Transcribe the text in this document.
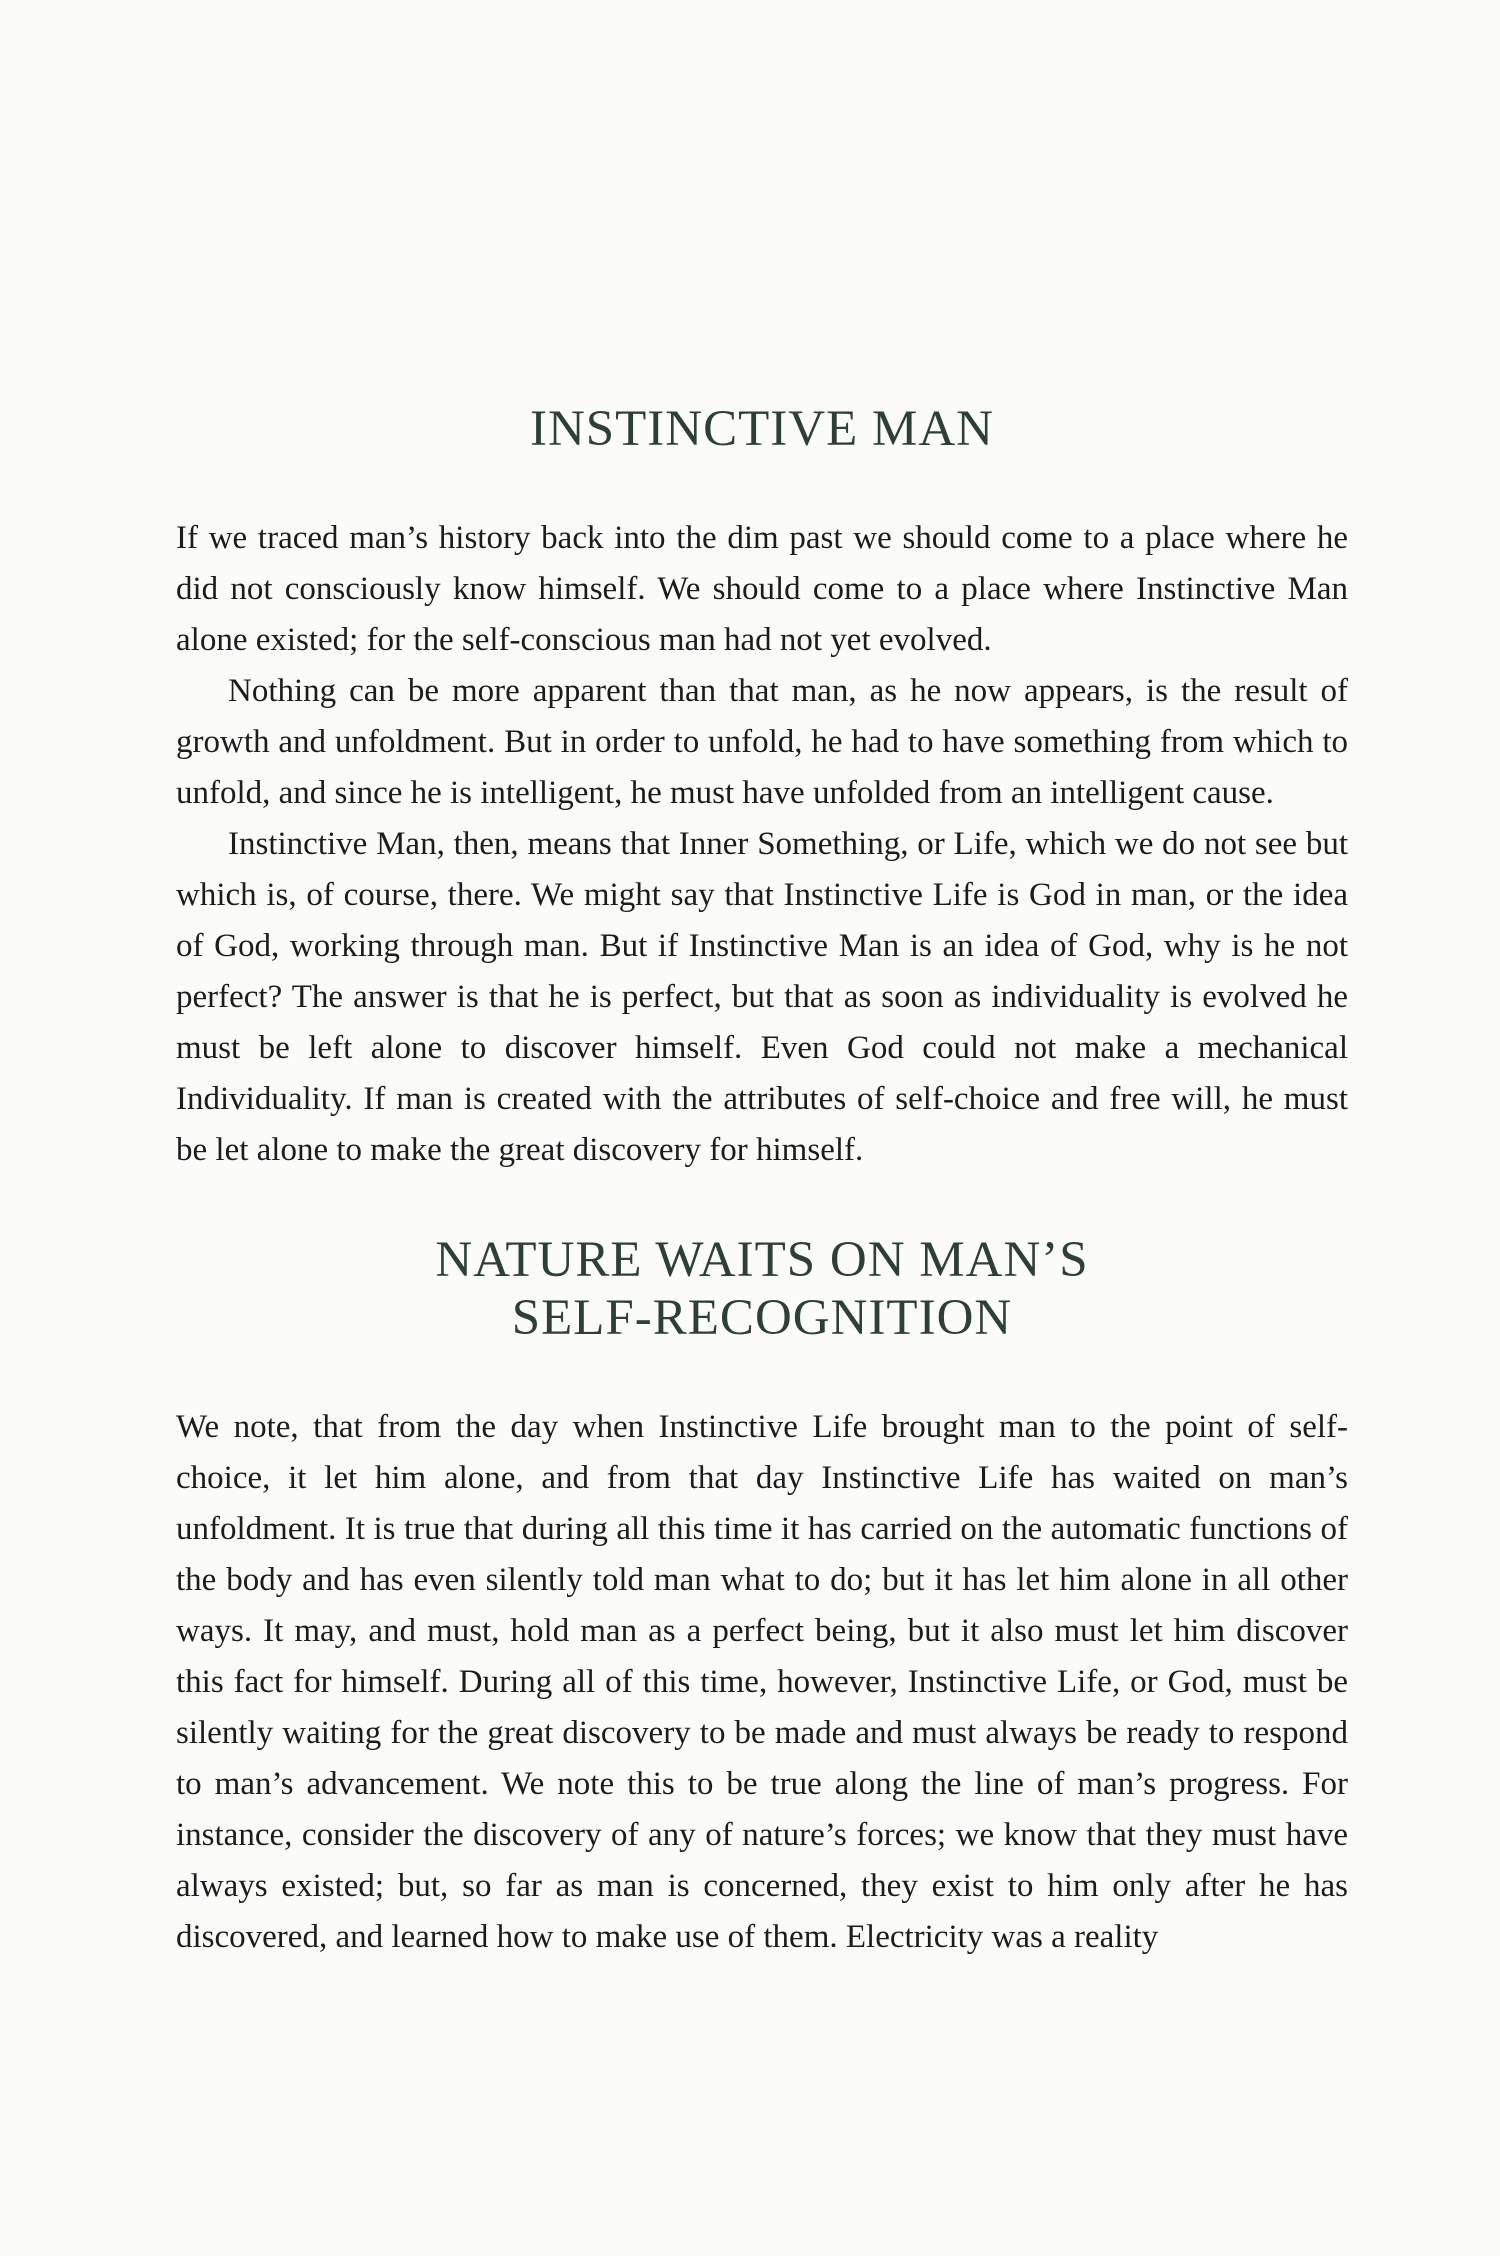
INSTINCTIVE MAN

If we traced man’s history back into the dim past we should come to a place where he did not consciously know himself. We should come to a place where Instinctive Man alone existed; for the self-conscious man had not yet evolved.

Nothing can be more apparent than that man, as he now appears, is the result of growth and unfoldment. But in order to unfold, he had to have something from which to unfold, and since he is intelligent, he must have unfolded from an intelligent cause.

Instinctive Man, then, means that Inner Something, or Life, which we do not see but which is, of course, there. We might say that Instinctive Life is God in man, or the idea of God, working through man. But if Instinctive Man is an idea of God, why is he not perfect? The answer is that he is perfect, but that as soon as individuality is evolved he must be left alone to discover himself. Even God could not make a mechanical Individuality. If man is created with the attributes of self-choice and free will, he must be let alone to make the great discovery for himself.

NATURE WAITS ON MAN’S
SELF-RECOGNITION

We note, that from the day when Instinctive Life brought man to the point of self-choice, it let him alone, and from that day Instinctive Life has waited on man’s unfoldment. It is true that during all this time it has carried on the automatic functions of the body and has even silently told man what to do; but it has let him alone in all other ways. It may, and must, hold man as a perfect being, but it also must let him discover this fact for himself. During all of this time, however, Instinctive Life, or God, must be silently waiting for the great discovery to be made and must always be ready to respond to man’s advancement. We note this to be true along the line of man’s progress. For instance, consider the discovery of any of nature’s forces; we know that they must have always existed; but, so far as man is concerned, they exist to him only after he has discovered, and learned how to make use of them. Electricity was a reality
